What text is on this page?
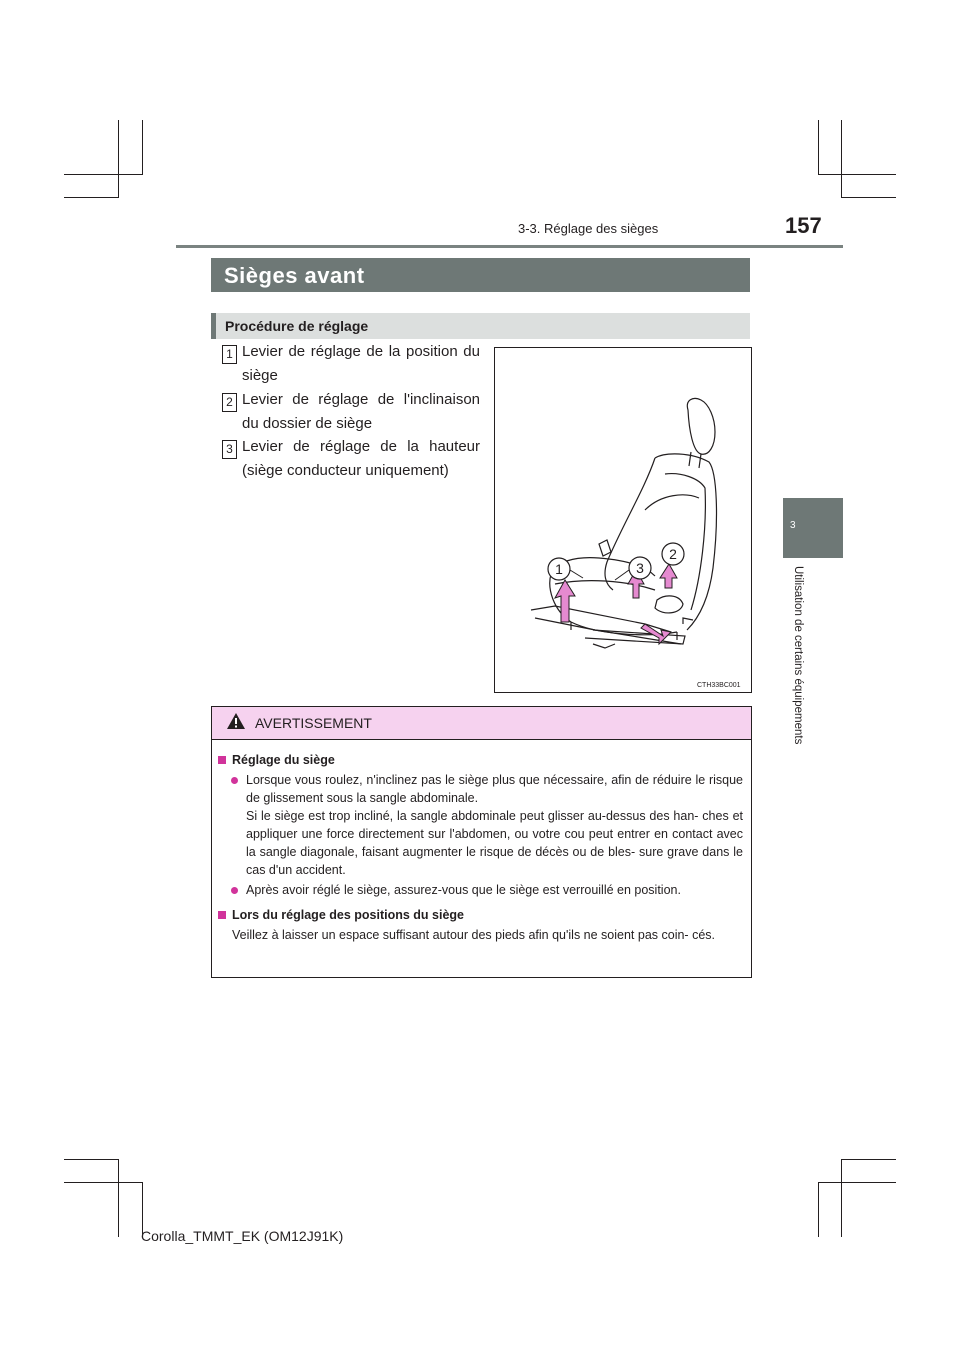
3-3. Réglage des sièges	157
3
Utilisation de certains équipements
Sièges avant
Procédure de réglage
1 Levier de réglage de la position du siège
2 Levier de réglage de l'inclinaison du dossier de siège
3 Levier de réglage de la hauteur (siège conducteur uniquement)
1	3
2
CTH33BC001
AVERTISSEMENT
Réglage du siège
Lorsque vous roulez, n'inclinez pas le siège plus que nécessaire, afin de réduire le risque de glissement sous la sangle abdominale.
Si le siège est trop incliné, la sangle abdominale peut glisser au-dessus des han- ches et appliquer une force directement sur l'abdomen, ou votre cou peut entrer en contact avec la sangle diagonale, faisant augmenter le risque de décès ou de bles- sure grave dans le cas d'un accident.
Après avoir réglé le siège, assurez-vous que le siège est verrouillé en position.
Lors du réglage des positions du siège
Veillez à laisser un espace suffisant autour des pieds afin qu'ils ne soient pas coin- cés.
Corolla_TMMT_EK (OM12J91K)
